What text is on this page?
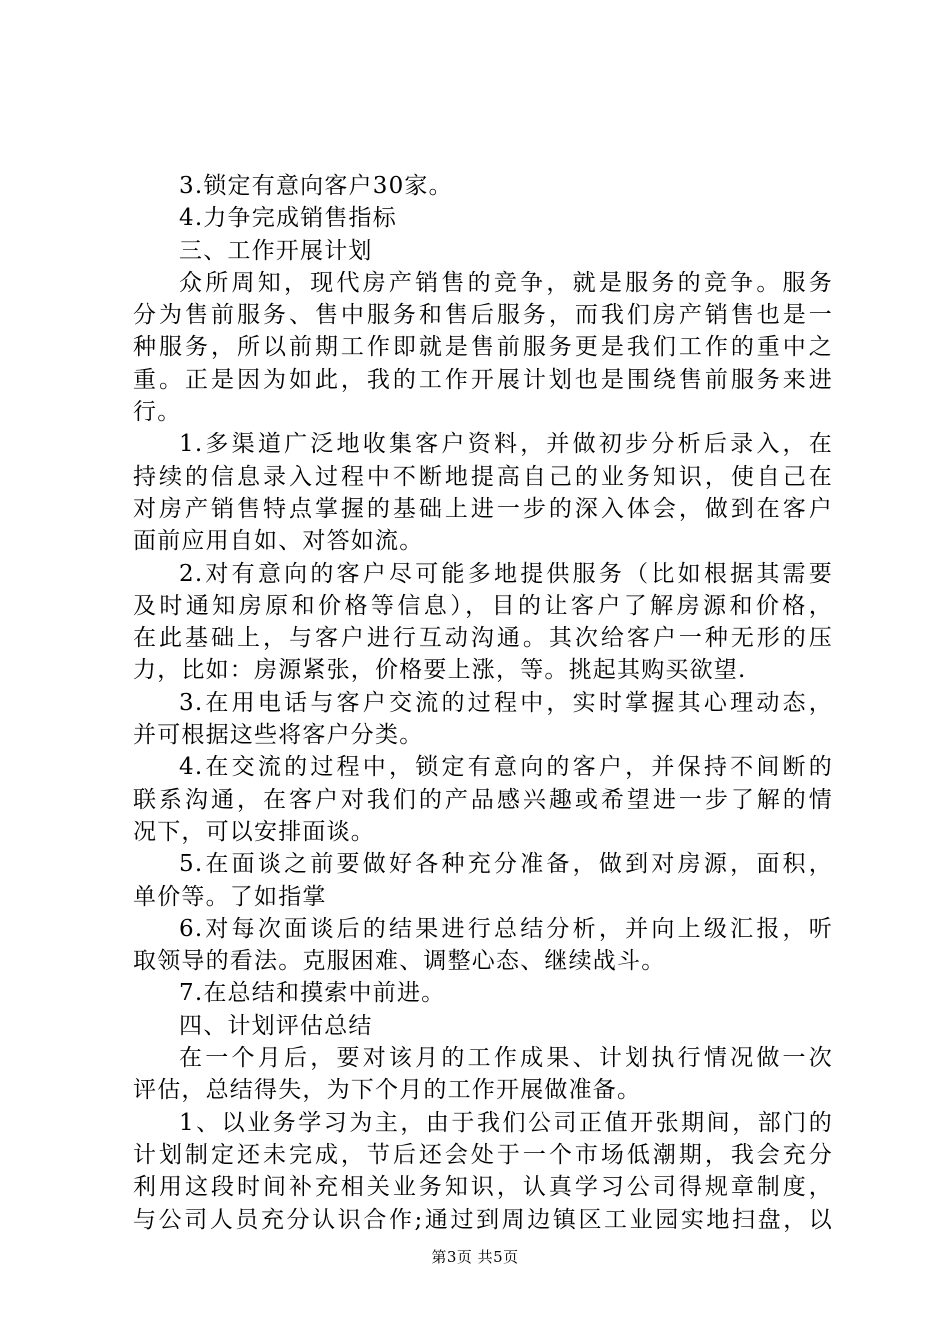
3.锁定有意向客户30家。
4.力争完成销售指标
三、工作开展计划
众所周知，现代房产销售的竞争，就是服务的竞争。服务
分为售前服务、售中服务和售后服务，而我们房产销售也是一
种服务，所以前期工作即就是售前服务更是我们工作的重中之
重。正是因为如此，我的工作开展计划也是围绕售前服务来进
行。
1.多渠道广泛地收集客户资料，并做初步分析后录入，在
持续的信息录入过程中不断地提高自己的业务知识，使自己在
对房产销售特点掌握的基础上进一步的深入体会，做到在客户
面前应用自如、对答如流。
2.对有意向的客户尽可能多地提供服务（比如根据其需要
及时通知房原和价格等信息），目的让客户了解房源和价格，
在此基础上，与客户进行互动沟通。其次给客户一种无形的压
力，比如：房源紧张，价格要上涨，等。挑起其购买欲望.
3.在用电话与客户交流的过程中，实时掌握其心理动态，
并可根据这些将客户分类。
4.在交流的过程中，锁定有意向的客户，并保持不间断的
联系沟通，在客户对我们的产品感兴趣或希望进一步了解的情
况下，可以安排面谈。
5.在面谈之前要做好各种充分准备，做到对房源，面积，
单价等。了如指掌
6.对每次面谈后的结果进行总结分析，并向上级汇报，听
取领导的看法。克服困难、调整心态、继续战斗。
7.在总结和摸索中前进。
四、计划评估总结
在一个月后，要对该月的工作成果、计划执行情况做一次
评估，总结得失，为下个月的工作开展做准备。
1、以业务学习为主，由于我们公司正值开张期间，部门的
计划制定还未完成，节后还会处于一个市场低潮期，我会充分
利用这段时间补充相关业务知识，认真学习公司得规章制度，
与公司人员充分认识合作;通过到周边镇区工业园实地扫盘，以
第3页 共5页
